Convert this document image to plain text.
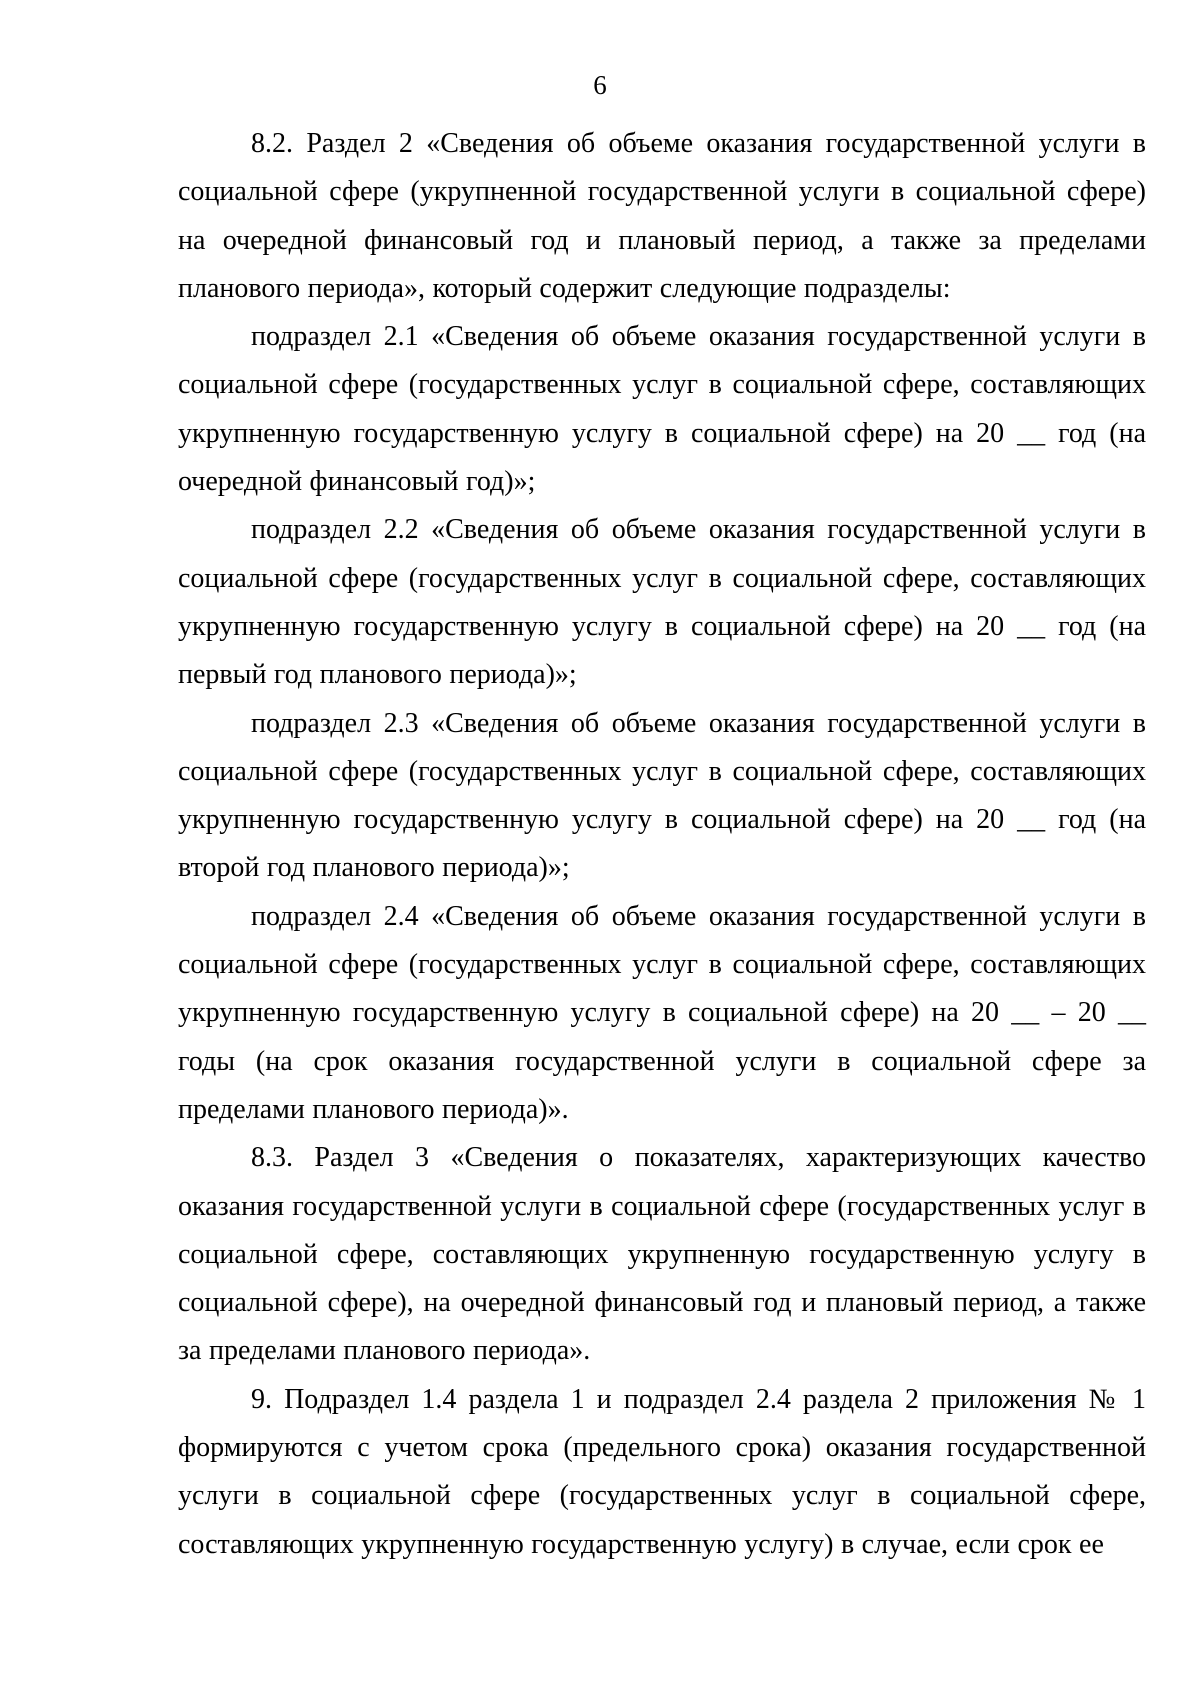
6

8.2. Раздел 2 «Сведения об объеме оказания государственной услуги в социальной сфере (укрупненной государственной услуги в социальной сфере) на очередной финансовый год и плановый период, а также за пределами планового периода», который содержит следующие подразделы:

подраздел 2.1 «Сведения об объеме оказания государственной услуги в социальной сфере (государственных услуг в социальной сфере, составляющих укрупненную государственную услугу в социальной сфере) на 20 __ год (на очередной финансовый год)»;

подраздел 2.2 «Сведения об объеме оказания государственной услуги в социальной сфере (государственных услуг в социальной сфере, составляющих укрупненную государственную услугу в социальной сфере) на 20 __ год (на первый год планового периода)»;

подраздел 2.3 «Сведения об объеме оказания государственной услуги в социальной сфере (государственных услуг в социальной сфере, составляющих укрупненную государственную услугу в социальной сфере) на 20 __ год (на второй год планового периода)»;

подраздел 2.4 «Сведения об объеме оказания государственной услуги в социальной сфере (государственных услуг в социальной сфере, составляющих укрупненную государственную услугу в социальной сфере) на 20 __ – 20 __ годы (на срок оказания государственной услуги в социальной сфере за пределами планового периода)».

8.3. Раздел 3 «Сведения о показателях, характеризующих качество оказания государственной услуги в социальной сфере (государственных услуг в социальной сфере, составляющих укрупненную государственную услугу в социальной сфере), на очередной финансовый год и плановый период, а также за пределами планового периода».

9. Подраздел 1.4 раздела 1 и подраздел 2.4 раздела 2 приложения № 1 формируются с учетом срока (предельного срока) оказания государственной услуги в социальной сфере (государственных услуг в социальной сфере, составляющих укрупненную государственную услугу) в случае, если срок ее
